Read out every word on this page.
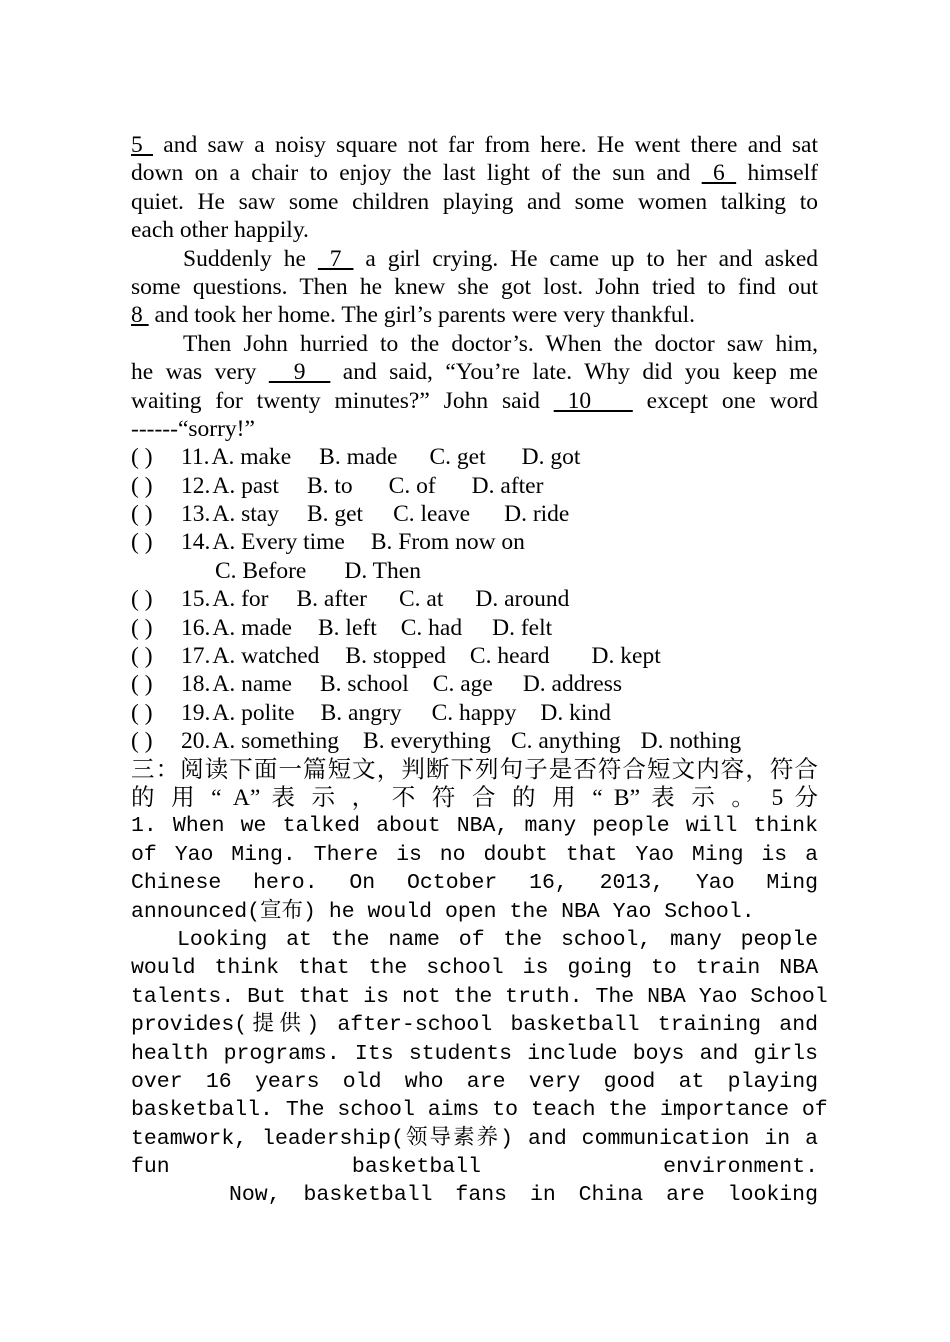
5  and saw a noisy square not far from here. He went there and sat
down on a chair to enjoy the last light of the sun and  6  himself
quiet. He saw some children playing and some women talking to
each other happily.
Suddenly he  7  a girl crying. He came up to her and asked
some questions. Then he knew she got lost. John tried to find out
8  and took her home. The girl’s parents were very thankful.
Then John hurried to the doctor’s. When the doctor saw him,
he was very   9   and said, “You’re late. Why did you keep me
waiting for twenty minutes?” John said  10    except one word
------“sorry!”
( ) 11.A. make B. made C. get D. got
( ) 12.A. past B. to C. of D. after
( ) 13.A. stay B. get C. leave D. ride
( ) 14.A. Every time B. From now on
C. Before D. Then
( ) 15.A. for B. after C. at D. around
( ) 16.A. made B. left C. had D. felt
( ) 17.A. watched B. stopped C. heard D. kept
( ) 18.A. name B. school C. age D. address
( ) 19.A. polite B. angry C. happy D. kind
( ) 20.A. something B. everything C. anything D. nothing
三：阅读下面一篇短文，判断下列句子是否符合短文内容，符合
的 用 “ A” 表 示 ， 不 符 合 的 用 “ B” 表 示 。 5 分
1. When we talked about NBA, many people will think
of Yao Ming. There is no doubt that Yao Ming is a
Chinese hero. On October 16, 2013, Yao Ming
announced(宣布) he would open the NBA Yao School.
Looking at the name of the school, many people
would think that the school is going to train NBA
talents. But that is not the truth. The NBA Yao School
provides(提供) after-school basketball training and
health programs. Its students include boys and girls
over 16 years old who are very good at playing
basketball. The school aims to teach the importance of
teamwork, leadership(领导素养) and communication in a
fun basketball environment.
Now, basketball fans in China are looking
